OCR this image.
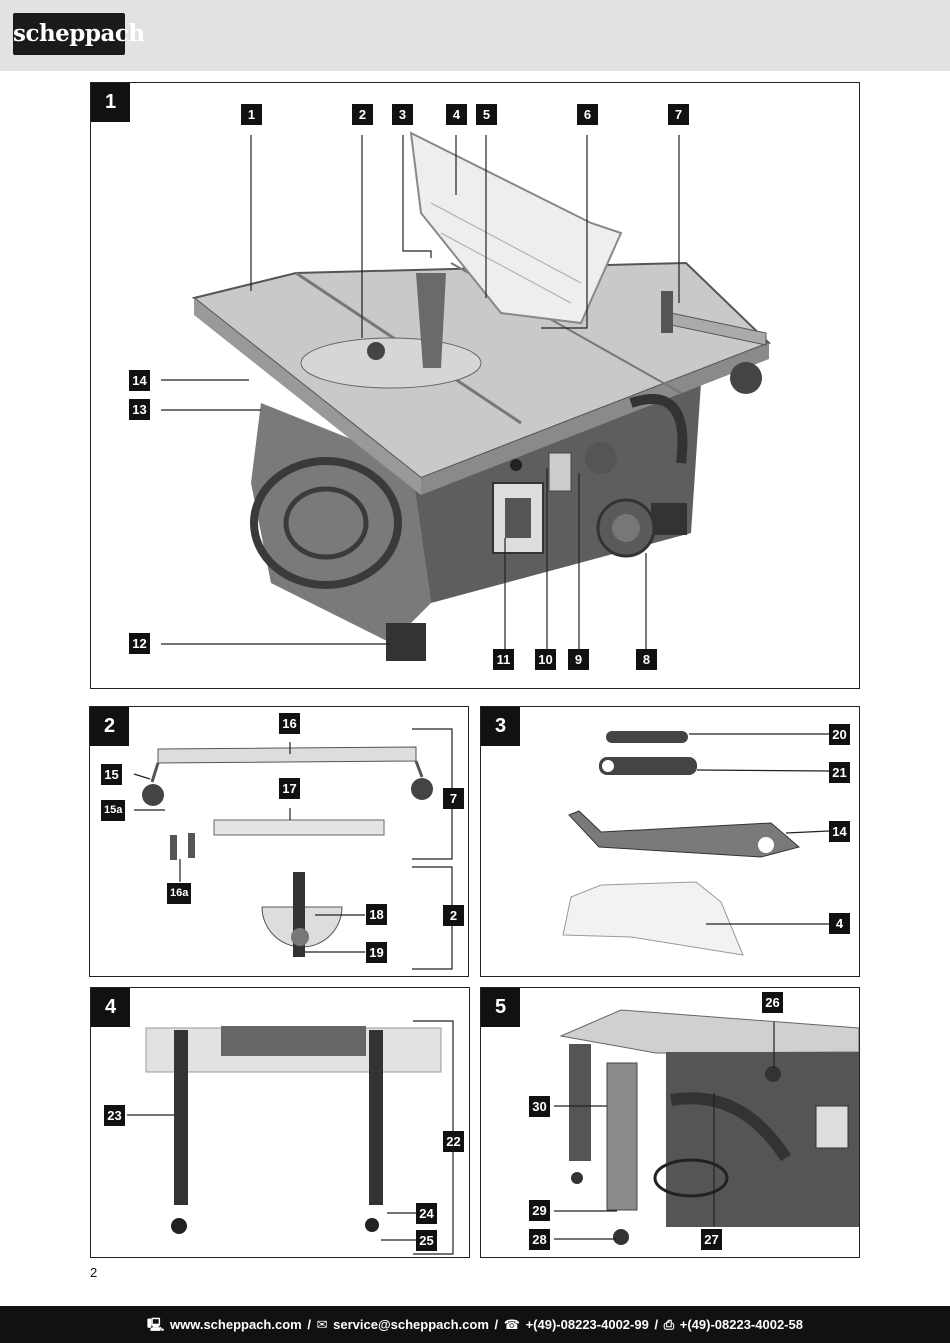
scheppach
1
1	2	3	4	5	6	7
14
13
12
11 10	9	8
2	16
15
15a
17
7
16a
18	2
19
3	20
21
14
4
4
23
22
24
25
5	26
30
29
28	27
2
🖳 www.scheppach.com / ✉ service@scheppach.com / ☎ +(49)-08223-4002-99 / ⎙ +(49)-08223-4002-58
